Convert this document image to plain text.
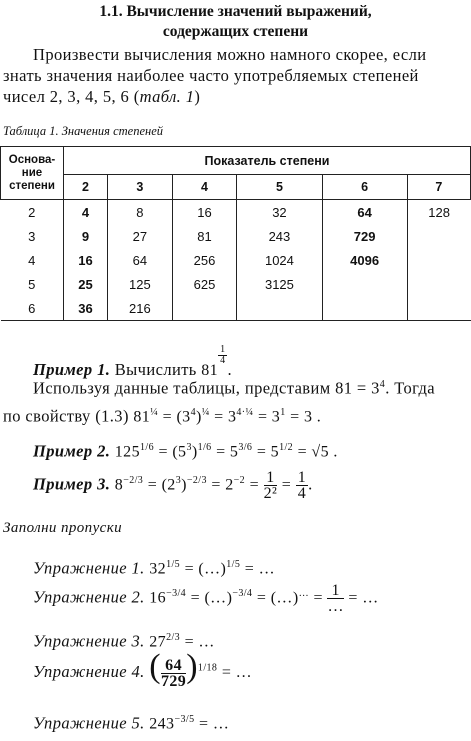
1.1. Вычисление значений выражений,
содержащих степени
Произвести вычисления можно намного скорее, если
знать значения наиболее часто употребляемых степеней
чисел 2, 3, 4, 5, 6 (табл. 1)
Таблица 1. Значения степеней
Основа-
ние
степени	Показатель степени					
	2	3	4	5	6	7
2	4	8	16	32	64	128
3	9	27	81	243	729	
4	16	64	256	1024	4096	
5	25	125	625	3125		
6	36	216				
Пример 1. Вычислить 81
$\frac{1}{4}$
.
Используя данные таблицы, представим $81 = 3^4$. Тогда
по свойству (1.3) $81^{\frac{1}{4}} = (3^4)^{\frac{1}{4}} = 3^{4\cdot\frac{1}{4}} = 3^1 = 3$ .
Пример 2. $125^{1/6} = (5^3)^{1/6} = 5^{3/6} = 5^{1/2} = √5$ .
Пример 3. $8^{-2/3} = (2^3)^{-2/3} = 2^{-2} = \frac{1}{\text{2²}} = \frac{1}{4}$ .
Заполни пропуски
Упражнение 1. $32^{1/5}$ = (…)$^{1/5}$ = …
Упражнение 2. $16^{-3/4}$ = (…)$^{-3/4}$ = (…)… = $\frac{1}{\dots}$ = …
Упражнение 3. $27^{2/3}$ = …
Упражнение 4. ( $\frac{64}{729} )^{1/18}$ = …
Упражнение 5. $243^{-3/5}$ = …
